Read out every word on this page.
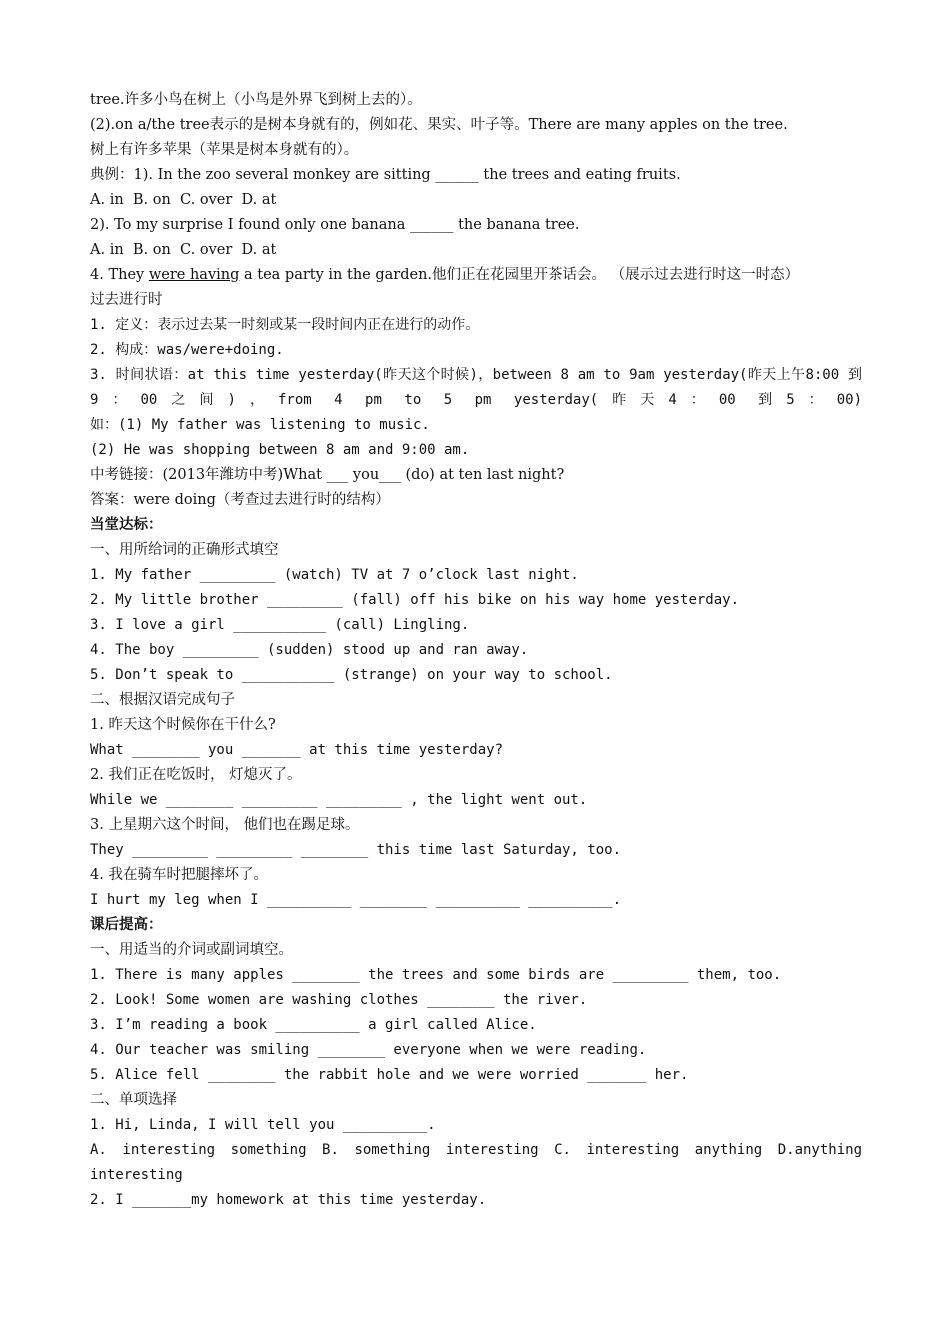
tree.许多小鸟在树上（小鸟是外界飞到树上去的）。
(2).on a/the tree表示的是树本身就有的，例如花、果实、叶子等。There are many apples on the tree.
树上有许多苹果（苹果是树本身就有的）。
典例：1). In the zoo several monkey are sitting ______ the trees and eating fruits.
A. in  B. on  C. over  D. at
2). To my surprise I found only one banana ______ the banana tree.
A. in  B. on  C. over  D. at
4. They were having a tea party in the garden.他们正在花园里开茶话会。 （展示过去进行时这一时态）
过去进行时
1. 定义：表示过去某一时刻或某一段时间内正在进行的动作。
2. 构成：was/were+doing.
3. 时间状语：at this time yesterday(昨天这个时候)，between 8 am to 9am yesterday(昨天上午8:00 到9：00之间)，from 4 pm to 5 pm yesterday(昨天4：00 到5：00)
如：(1) My father was listening to music.
(2) He was shopping between 8 am and 9:00 am.
中考链接：(2013年潍坊中考)What ___ you___ (do) at ten last night?
答案：were doing（考查过去进行时的结构）
当堂达标：
一、用所给词的正确形式填空
1. My father _________ (watch) TV at 7 o’clock last night.
2. My little brother _________ (fall) off his bike on his way home yesterday.
3. I love a girl ___________ (call) Lingling.
4. The boy _________ (sudden) stood up and ran away.
5. Don’t speak to ___________ (strange) on your way to school.
二、根据汉语完成句子
1. 昨天这个时候你在干什么?
What ________ you _______ at this time yesterday?
2. 我们正在吃饭时， 灯熄灭了。
While we ________ _________ _________ , the light went out.
3. 上星期六这个时间， 他们也在踢足球。
They _________ _________ ________ this time last Saturday, too.
4. 我在骑车时把腿摔坏了。
I hurt my leg when I __________ ________ __________ __________.
课后提高：
一、用适当的介词或副词填空。
1. There is many apples ________ the trees and some birds are _________ them, too.
2. Look! Some women are washing clothes ________ the river.
3. I’m reading a book __________ a girl called Alice.
4. Our teacher was smiling ________ everyone when we were reading.
5. Alice fell ________ the rabbit hole and we were worried _______ her.
二、单项选择
1. Hi, Linda, I will tell you __________.
A. interesting something B. something interesting C. interesting anything D.anything interesting
2. I _______my homework at this time yesterday.
